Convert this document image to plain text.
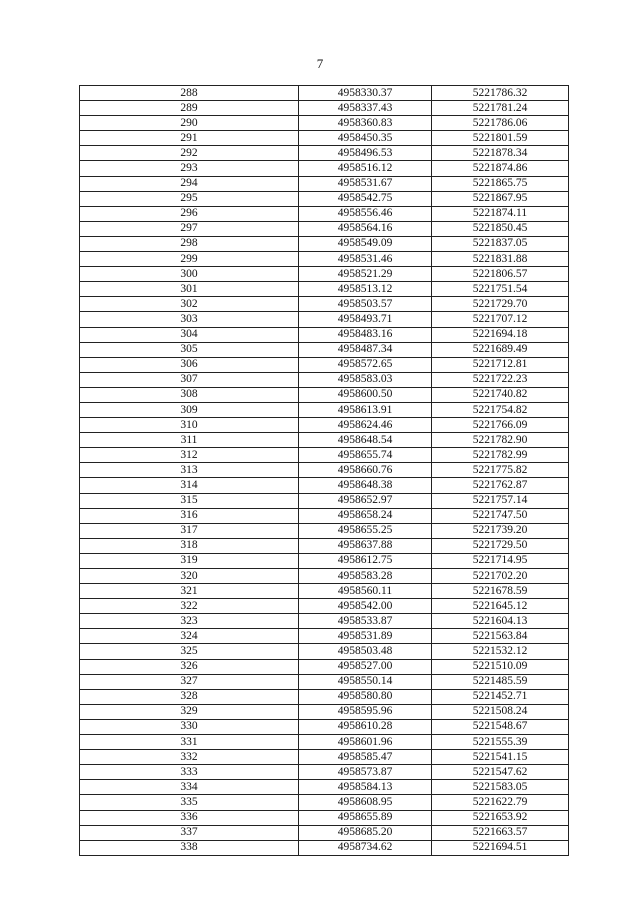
7
288	4958330.37	5221786.32
289	4958337.43	5221781.24
290	4958360.83	5221786.06
291	4958450.35	5221801.59
292	4958496.53	5221878.34
293	4958516.12	5221874.86
294	4958531.67	5221865.75
295	4958542.75	5221867.95
296	4958556.46	5221874.11
297	4958564.16	5221850.45
298	4958549.09	5221837.05
299	4958531.46	5221831.88
300	4958521.29	5221806.57
301	4958513.12	5221751.54
302	4958503.57	5221729.70
303	4958493.71	5221707.12
304	4958483.16	5221694.18
305	4958487.34	5221689.49
306	4958572.65	5221712.81
307	4958583.03	5221722.23
308	4958600.50	5221740.82
309	4958613.91	5221754.82
310	4958624.46	5221766.09
311	4958648.54	5221782.90
312	4958655.74	5221782.99
313	4958660.76	5221775.82
314	4958648.38	5221762.87
315	4958652.97	5221757.14
316	4958658.24	5221747.50
317	4958655.25	5221739.20
318	4958637.88	5221729.50
319	4958612.75	5221714.95
320	4958583.28	5221702.20
321	4958560.11	5221678.59
322	4958542.00	5221645.12
323	4958533.87	5221604.13
324	4958531.89	5221563.84
325	4958503.48	5221532.12
326	4958527.00	5221510.09
327	4958550.14	5221485.59
328	4958580.80	5221452.71
329	4958595.96	5221508.24
330	4958610.28	5221548.67
331	4958601.96	5221555.39
332	4958585.47	5221541.15
333	4958573.87	5221547.62
334	4958584.13	5221583.05
335	4958608.95	5221622.79
336	4958655.89	5221653.92
337	4958685.20	5221663.57
338	4958734.62	5221694.51
